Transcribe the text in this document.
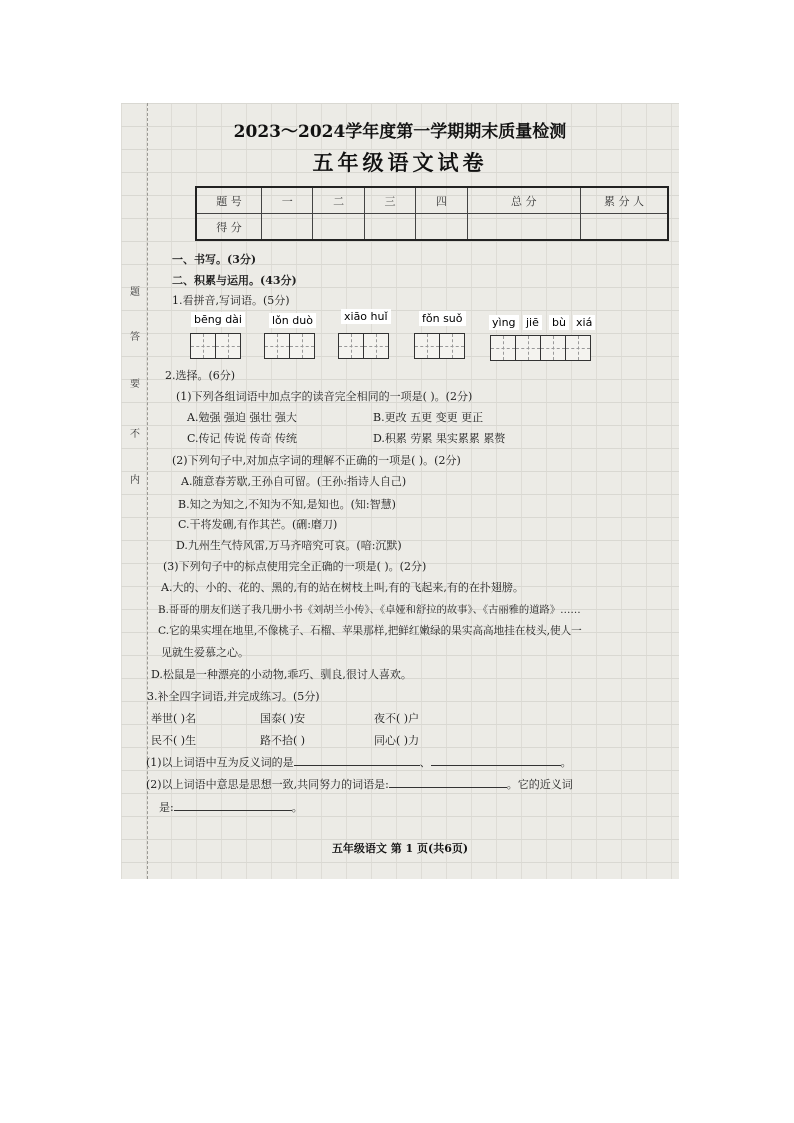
题
答
要
不
内
2023～2024学年度第一学期期末质量检测
五年级语文试卷
题 号	一	二	三	四	总 分	累 分 人
得 分						
一、书写。(3分)
二、积累与运用。(43分)
1.看拼音,写词语。(5分)
bēng dài	lǒn duò	xiāo huǐ	fǒn suǒ	yìng jiē bù xiá
2.选择。(6分)
(1)下列各组词语中加点字的读音完全相同的一项是( )。(2分)
A.勉强 强迫 强壮 强大	B.更改 五更 变更 更正
C.传记 传说 传奇 传统	D.积累 劳累 果实累累 累赘
(2)下列句子中,对加点字词的理解不正确的一项是( )。(2分)
A.随意春芳歇,王孙自可留。(王孙:指诗人自己)
B.知之为知之,不知为不知,是知也。(知:智慧)
C.干将发硎,有作其芒。(硎:磨刀)
D.九州生气恃风雷,万马齐喑究可哀。(喑:沉默)
(3)下列句子中的标点使用完全正确的一项是( )。(2分)
A.大的、小的、花的、黑的,有的站在树枝上叫,有的飞起来,有的在扑翅膀。
B.哥哥的朋友们送了我几册小书《刘胡兰小传》、《卓娅和舒拉的故事》、《古丽雅的道路》……
C.它的果实埋在地里,不像桃子、石榴、苹果那样,把鲜红嫩绿的果实高高地挂在枝头,使人一
见就生爱慕之心。
D.松鼠是一种漂亮的小动物,乖巧、驯良,很讨人喜欢。
3.补全四字词语,并完成练习。(5分)
举世( )名	国泰( )安	夜不( )户
民不( )生	路不拾( )	同心( )力
(1)以上词语中互为反义词的是	、	。
(2)以上词语中意思是思想一致,共同努力的词语是:	。它的近义词
是:	。
五年级语文 第 1 页(共6页)
